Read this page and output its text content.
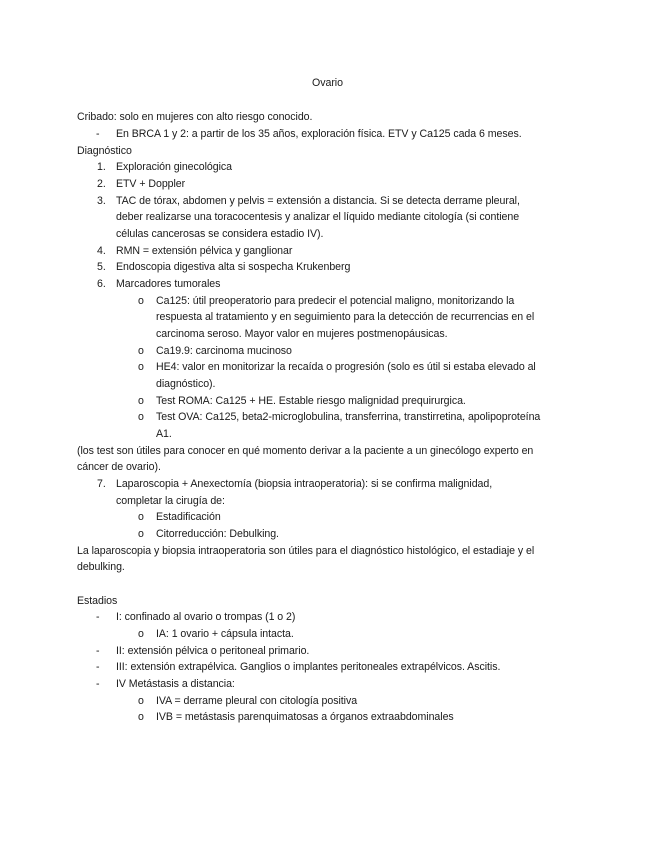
Ovario
Cribado: solo en mujeres con alto riesgo conocido.
- En BRCA 1 y 2: a partir de los 35 años, exploración física. ETV y Ca125 cada 6 meses.
Diagnóstico
1. Exploración ginecológica
2. ETV + Doppler
3. TAC de tórax, abdomen y pelvis = extensión a distancia. Si se detecta derrame pleural,
deber realizarse una toracocentesis y analizar el líquido mediante citología (si contiene
células cancerosas se considera estadio IV).
4. RMN = extensión pélvica y ganglionar
5. Endoscopia digestiva alta si sospecha Krukenberg
6. Marcadores tumorales
o Ca125: útil preoperatorio para predecir el potencial maligno, monitorizando la
respuesta al tratamiento y en seguimiento para la detección de recurrencias en el
carcinoma seroso. Mayor valor en mujeres postmenopáusicas.
o Ca19.9: carcinoma mucinoso
o HE4: valor en monitorizar la recaída o progresión (solo es útil si estaba elevado al
diagnóstico).
o Test ROMA: Ca125 + HE. Estable riesgo malignidad prequirurgica.
o Test OVA: Ca125, beta2-microglobulina, transferrina, transtirretina, apolipoproteína
A1.
(los test son útiles para conocer en qué momento derivar a la paciente a un ginecólogo experto en
cáncer de ovario).
7. Laparoscopia + Anexectomía (biopsia intraoperatoria): si se confirma malignidad,
completar la cirugía de:
o Estadificación
o Citorreducción: Debulking.
La laparoscopia y biopsia intraoperatoria son útiles para el diagnóstico histológico, el estadiaje y el
debulking.
Estadios
- I: confinado al ovario o trompas (1 o 2)
o IA: 1 ovario + cápsula intacta.
- II: extensión pélvica o peritoneal primario.
- III: extensión extrapélvica. Ganglios o implantes peritoneales extrapélvicos. Ascitis.
- IV Metástasis a distancia:
o IVA = derrame pleural con citología positiva
o IVB = metástasis parenquimatosas a órganos extraabdominales
